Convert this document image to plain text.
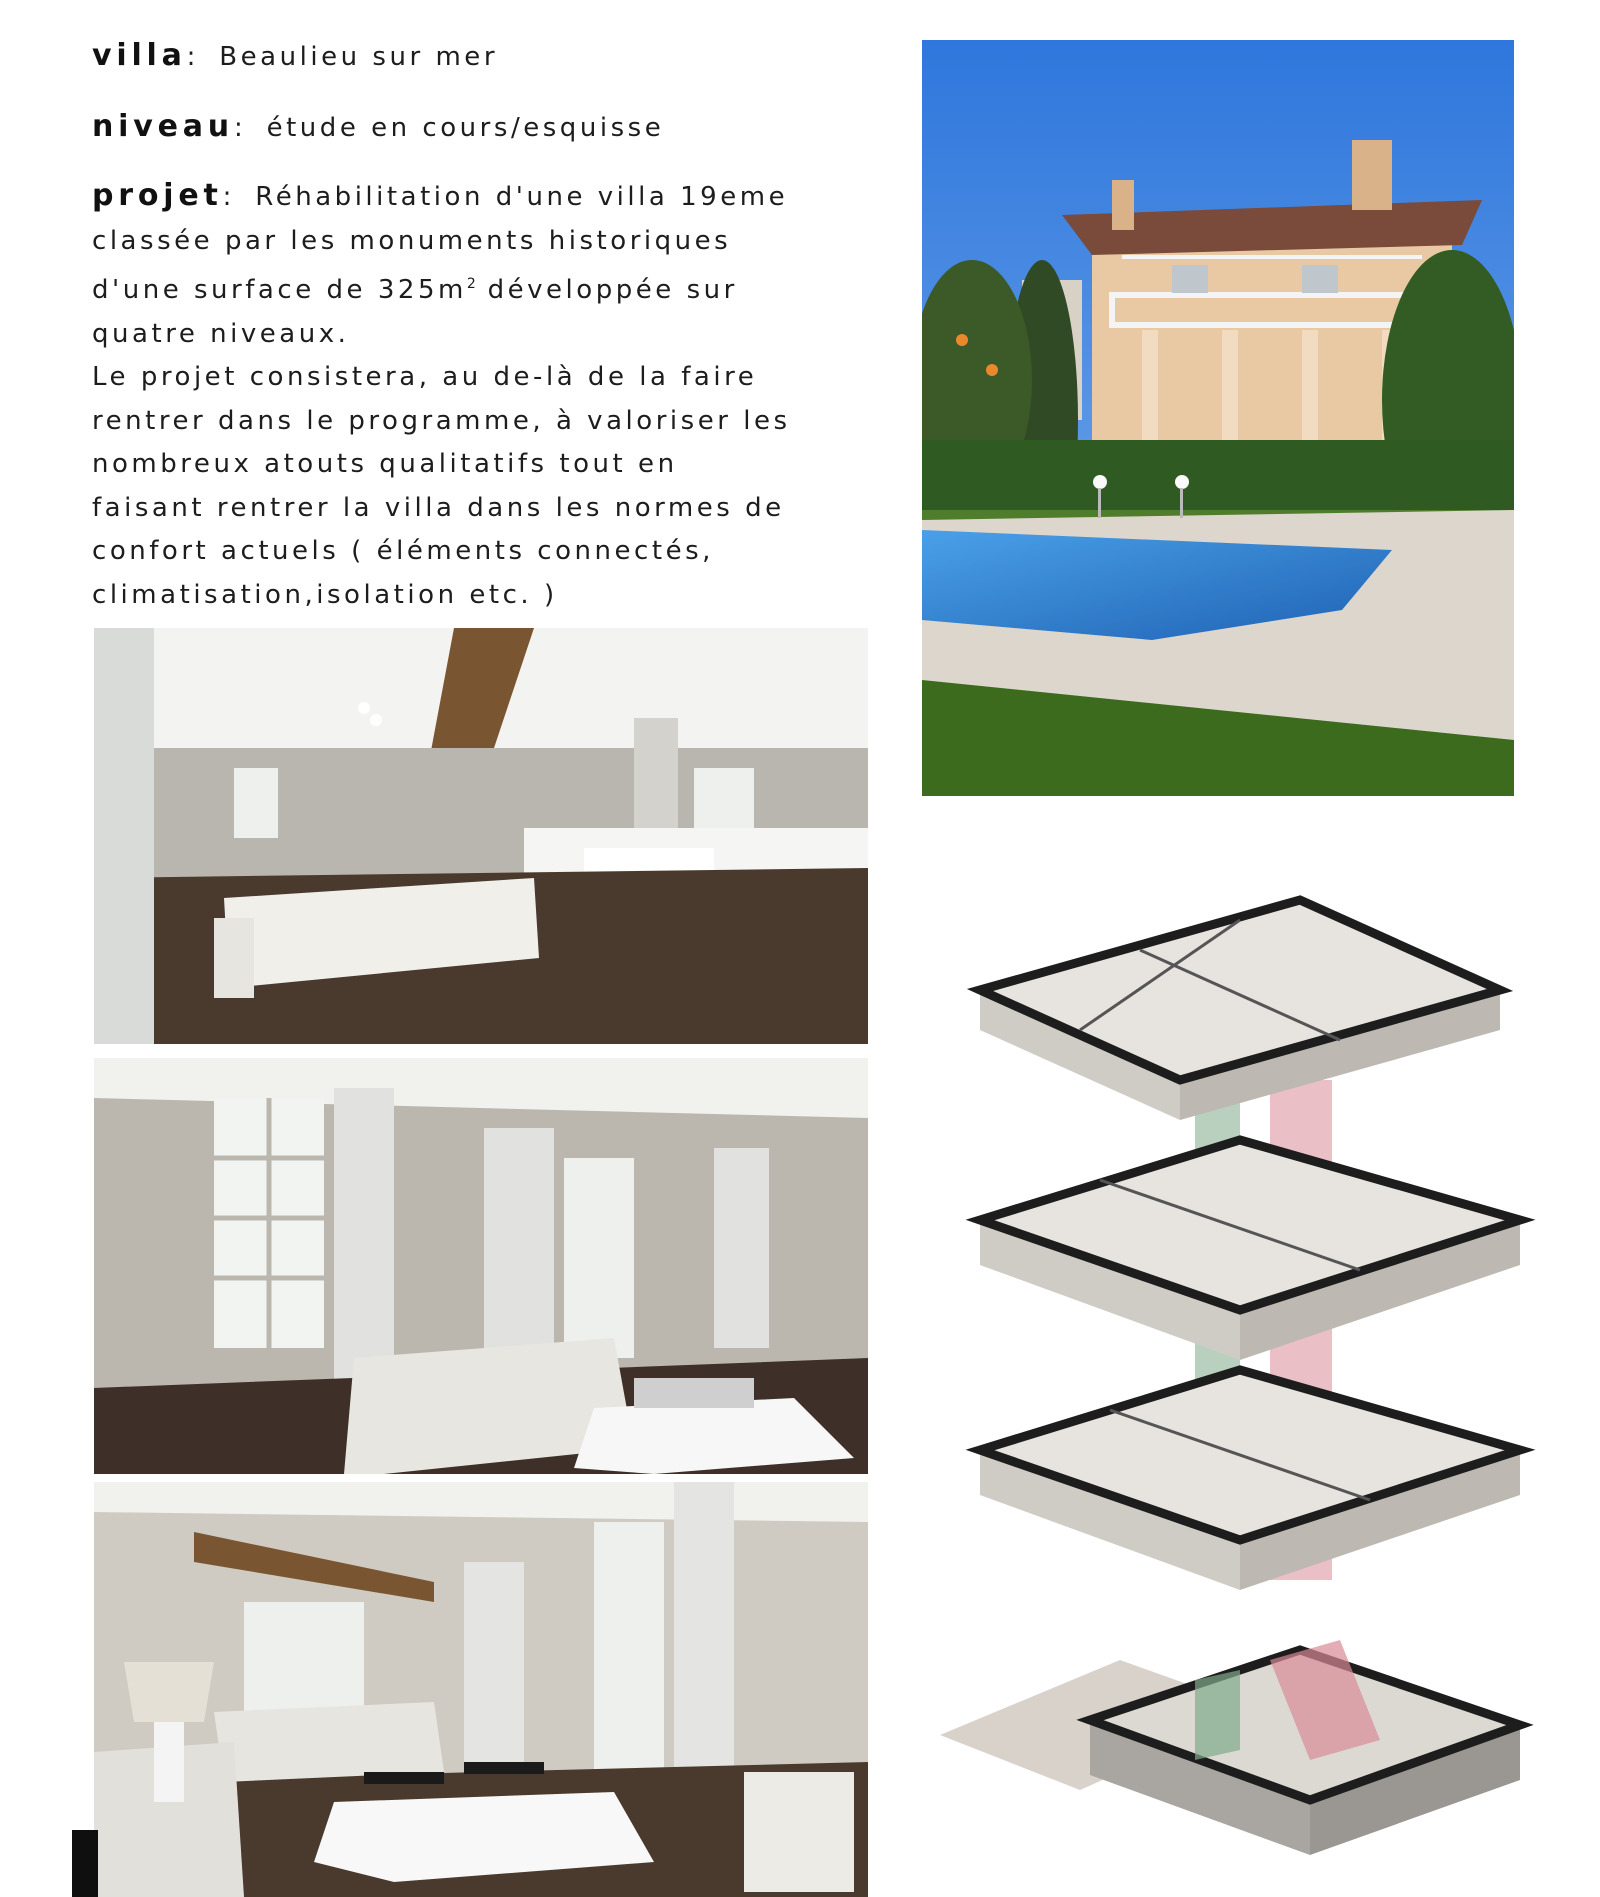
villa: Beaulieu sur mer
niveau: étude en cours/esquisse
projet: Réhabilitation d'une villa 19eme
classée par les monuments historiques
d'une surface de $325m^2$ développée sur
quatre niveaux.
Le projet consistera, au de-là de la faire
rentrer dans le programme, à valoriser les
nombreux atouts qualitatifs tout en
faisant rentrer la villa dans les normes de
confort actuels ( éléments connectés,
climatisation,isolation etc. )
